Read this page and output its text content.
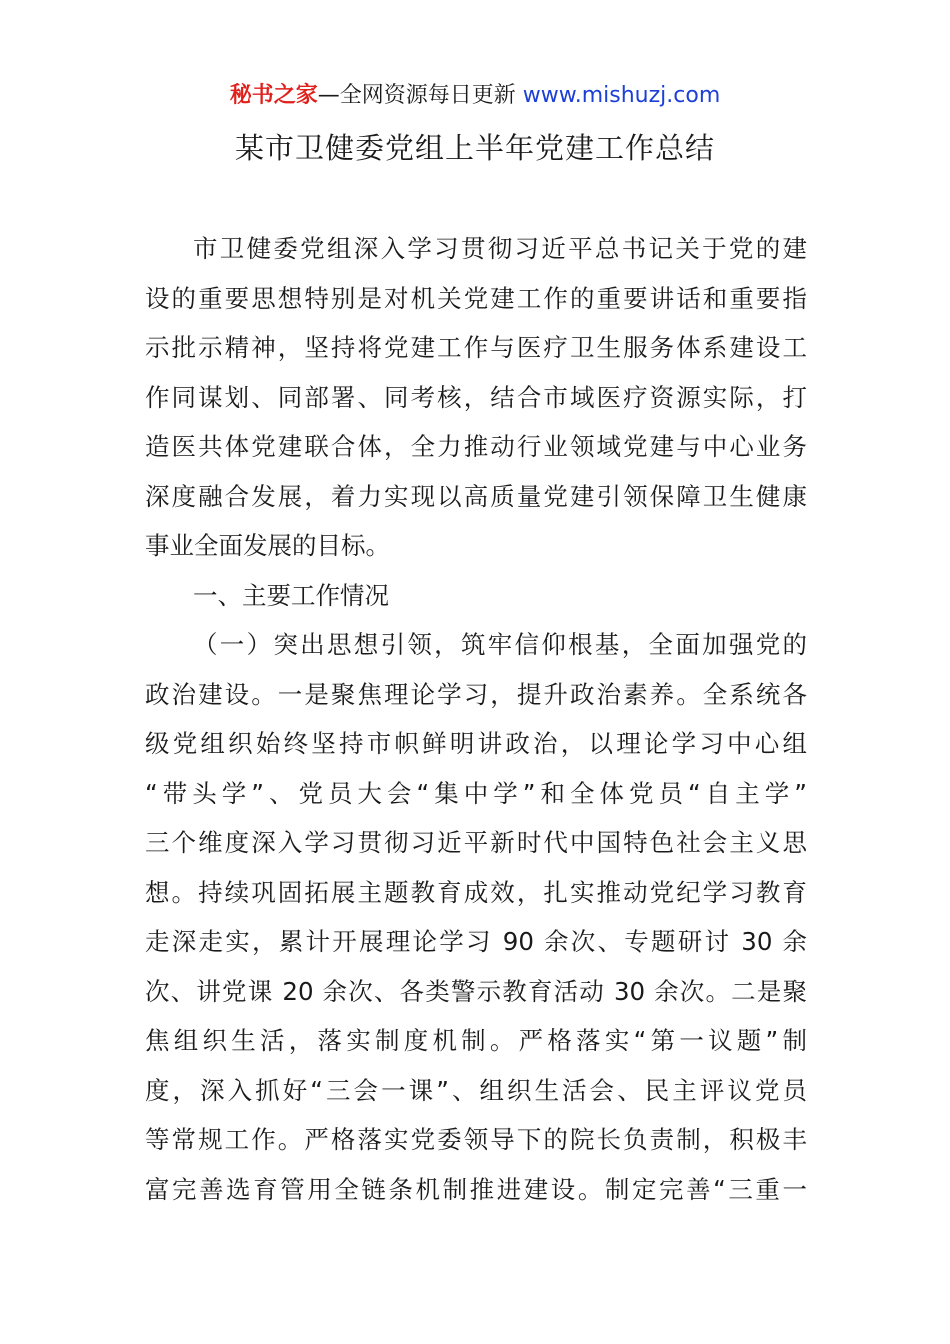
秘书之家—全网资源每日更新 www.mishuzj.com
某市卫健委党组上半年党建工作总结
市卫健委党组深入学习贯彻习近平总书记关于党的建
设的重要思想特别是对机关党建工作的重要讲话和重要指
示批示精神，坚持将党建工作与医疗卫生服务体系建设工
作同谋划、同部署、同考核，结合市域医疗资源实际，打
造医共体党建联合体，全力推动行业领域党建与中心业务
深度融合发展，着力实现以高质量党建引领保障卫生健康
事业全面发展的目标。
一、主要工作情况
（一）突出思想引领，筑牢信仰根基，全面加强党的
政治建设。一是聚焦理论学习，提升政治素养。全系统各
级党组织始终坚持市帜鲜明讲政治，以理论学习中心组
“带头学”、党员大会“集中学”和全体党员“自主学”
三个维度深入学习贯彻习近平新时代中国特色社会主义思
想。持续巩固拓展主题教育成效，扎实推动党纪学习教育
走深走实，累计开展理论学习 90 余次、专题研讨 30 余
次、讲党课 20 余次、各类警示教育活动 30 余次。二是聚
焦组织生活，落实制度机制。严格落实“第一议题”制
度，深入抓好“三会一课”、组织生活会、民主评议党员
等常规工作。严格落实党委领导下的院长负责制，积极丰
富完善选育管用全链条机制推进建设。制定完善“三重一
